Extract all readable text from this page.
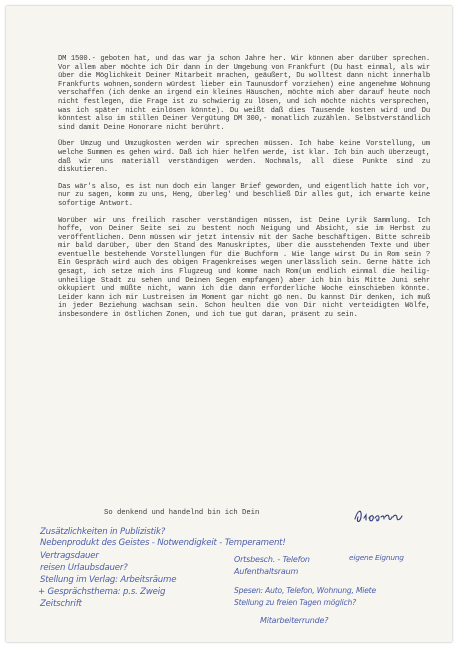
DM 1500.- geboten hat, und das war ja schon Jahre her. Wir können aber darüber sprechen. Vor allem aber möchte ich Dir dann in der Umgebung von Frankfurt (Du hast einmal, als wir über die Möglichkeit Deiner Mitarbeit mrachen, geäußert, Du wolltest dann nicht innerhalb Frankfurts wohnen,sondern würdest lieber ein Taunusdorf vorziehen) eine angenehme Wohnung verschaffen (ich denke an irgend ein kleines Häuschen, möchte mich aber darauf heute noch nicht festlegen, die Frage ist zu schwierig zu lösen, und ich möchte nichts versprechen, was ich später nicht einlösen könnte). Du weißt daß dies Tausende kosten wird und Du könntest also im stillen Deiner Vergütung DM 300,- monatlich zuzählen. Selbstverständlich sind damit Deine Honorare nicht berührt.

Über Umzug und Umzugkosten werden wir sprechen müssen. Ich habe keine Vorstellung, um welche Summen es gehen wird. Daß ich hier helfen werde, ist klar. Ich bin auch überzeugt, daß wir uns materiäll verständigen werden. Nochmals, all diese Punkte sind zu diskutieren.

Das wär's also, es ist nun doch ein langer Brief geworden, und eigentlich hatte ich vor, nur zu sagen, komm zu uns, Heng, überleg' und beschließ Dir alles gut, ich erwarte keine sofortige Antwort.

Worüber wir uns freilich rascher verständigen müssen, ist Deine Lyrik Sammlung. Ich hoffe, von Deiner Seite sei zu bestent noch Neigung und Absicht, sie im Herbst zu veröffentlichen. Denn müssen wir jetzt intensiv mit der Sache beschäftigen. Bitte schreib mir bald darüber, über den Stand des Manuskriptes, über die ausstehenden Texte und über eventuelle bestehende Vorstellungen für die Buchform . Wie lange wirst Du in Rom sein ? Ein Gespräch wird auch des obigen Fragenkreises wegen unerlässlich sein. Gerne hätte ich gesagt, ich setze mich ins Flugzeug und komme nach Rom(um endlich einmal die heilig-unheilige Stadt zu sehen und Deinen Segen empfangen) aber ich bin bis Mitte Juni sehr okkupiert und müßte nicht, wann ich die dann erforderliche Woche einschieben könnte. Leider kann ich mir Lustreisen im Moment gar nicht gö nen. Du kannst Dir denken, ich muß in jeder Beziehung wachsam sein. Schon heulten die von Dir nicht verteidigten Wölfe, insbesondere in östlichen Zonen, und ich tue gut daran, präsent zu sein.

So denkend und handelnd bin ich Dein
Zusätzlichkeiten in Publizistik?
Nebenprodukt des Geistes - Notwendigkeit - Temperament!
Vertragsdauer
reisen Urlaubsdauer?
Stellung im Verlag: Arbeitsräume
+ Gesprächsthema: p.s. Zweig
Zeitschrift
Ortsbesch. - Telefon
Aufenthaltsraum
eigene Eignung
Spesen: Auto, Telefon, Wohnung, Miete
Stellung zu freien Tagen möglich?
Mitarbeiterrunde?
